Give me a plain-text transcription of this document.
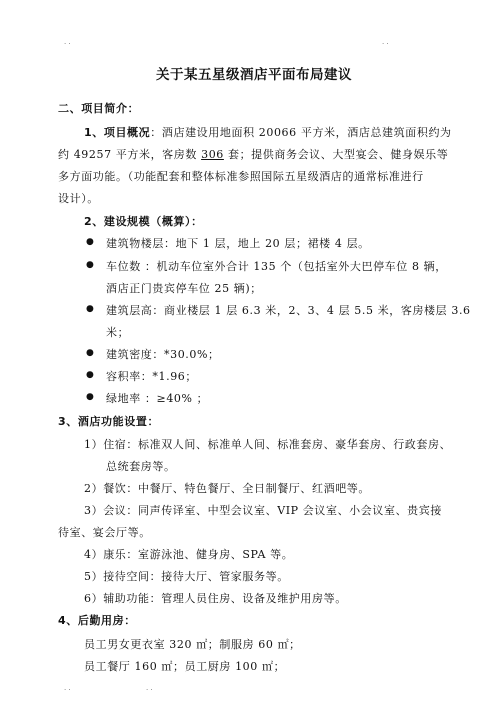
. .	. .
关于某五星级酒店平面布局建议
二、项目简介：
1、项目概况：酒店建设用地面积 20066 平方米，酒店总建筑面积约为
约 49257 平方米，客房数 306 套；提供商务会议、大型宴会、健身娱乐等
多方面功能。（功能配套和整体标准参照国际五星级酒店的通常标准进行
设计）。
2、建设规模（概算）：
● 建筑物楼层：地下 1 层，地上 20 层；裙楼 4 层。
● 车位数 ：机动车位室外合计 135 个（包括室外大巴停车位 8 辆，
酒店正门贵宾停车位 25 辆)；
● 建筑层高：商业楼层 1 层 6.3 米，2、3、4 层 5.5 米，客房楼层 3.6
米；
● 建筑密度：*30.0%；
● 容积率：*1.96；
● 绿地率 ：≥40% ；
3、酒店功能设置：
1）住宿：标准双人间、标准单人间、标准套房、豪华套房、行政套房、
总统套房等。
2）餐饮：中餐厅、特色餐厅、全日制餐厅、红酒吧等。
3）会议：同声传译室、中型会议室、VIP 会议室、小会议室、贵宾接
待室、宴会厅等。
4）康乐：室游泳池、健身房、SPA 等。
5）接待空间：接待大厅、管家服务等。
6）辅助功能：管理人员住房、设备及维护用房等。
4、后勤用房：
员工男女更衣室 320 ㎡；制服房 60 ㎡；
员工餐厅 160 ㎡；员工厨房 100 ㎡；
. .	. .
